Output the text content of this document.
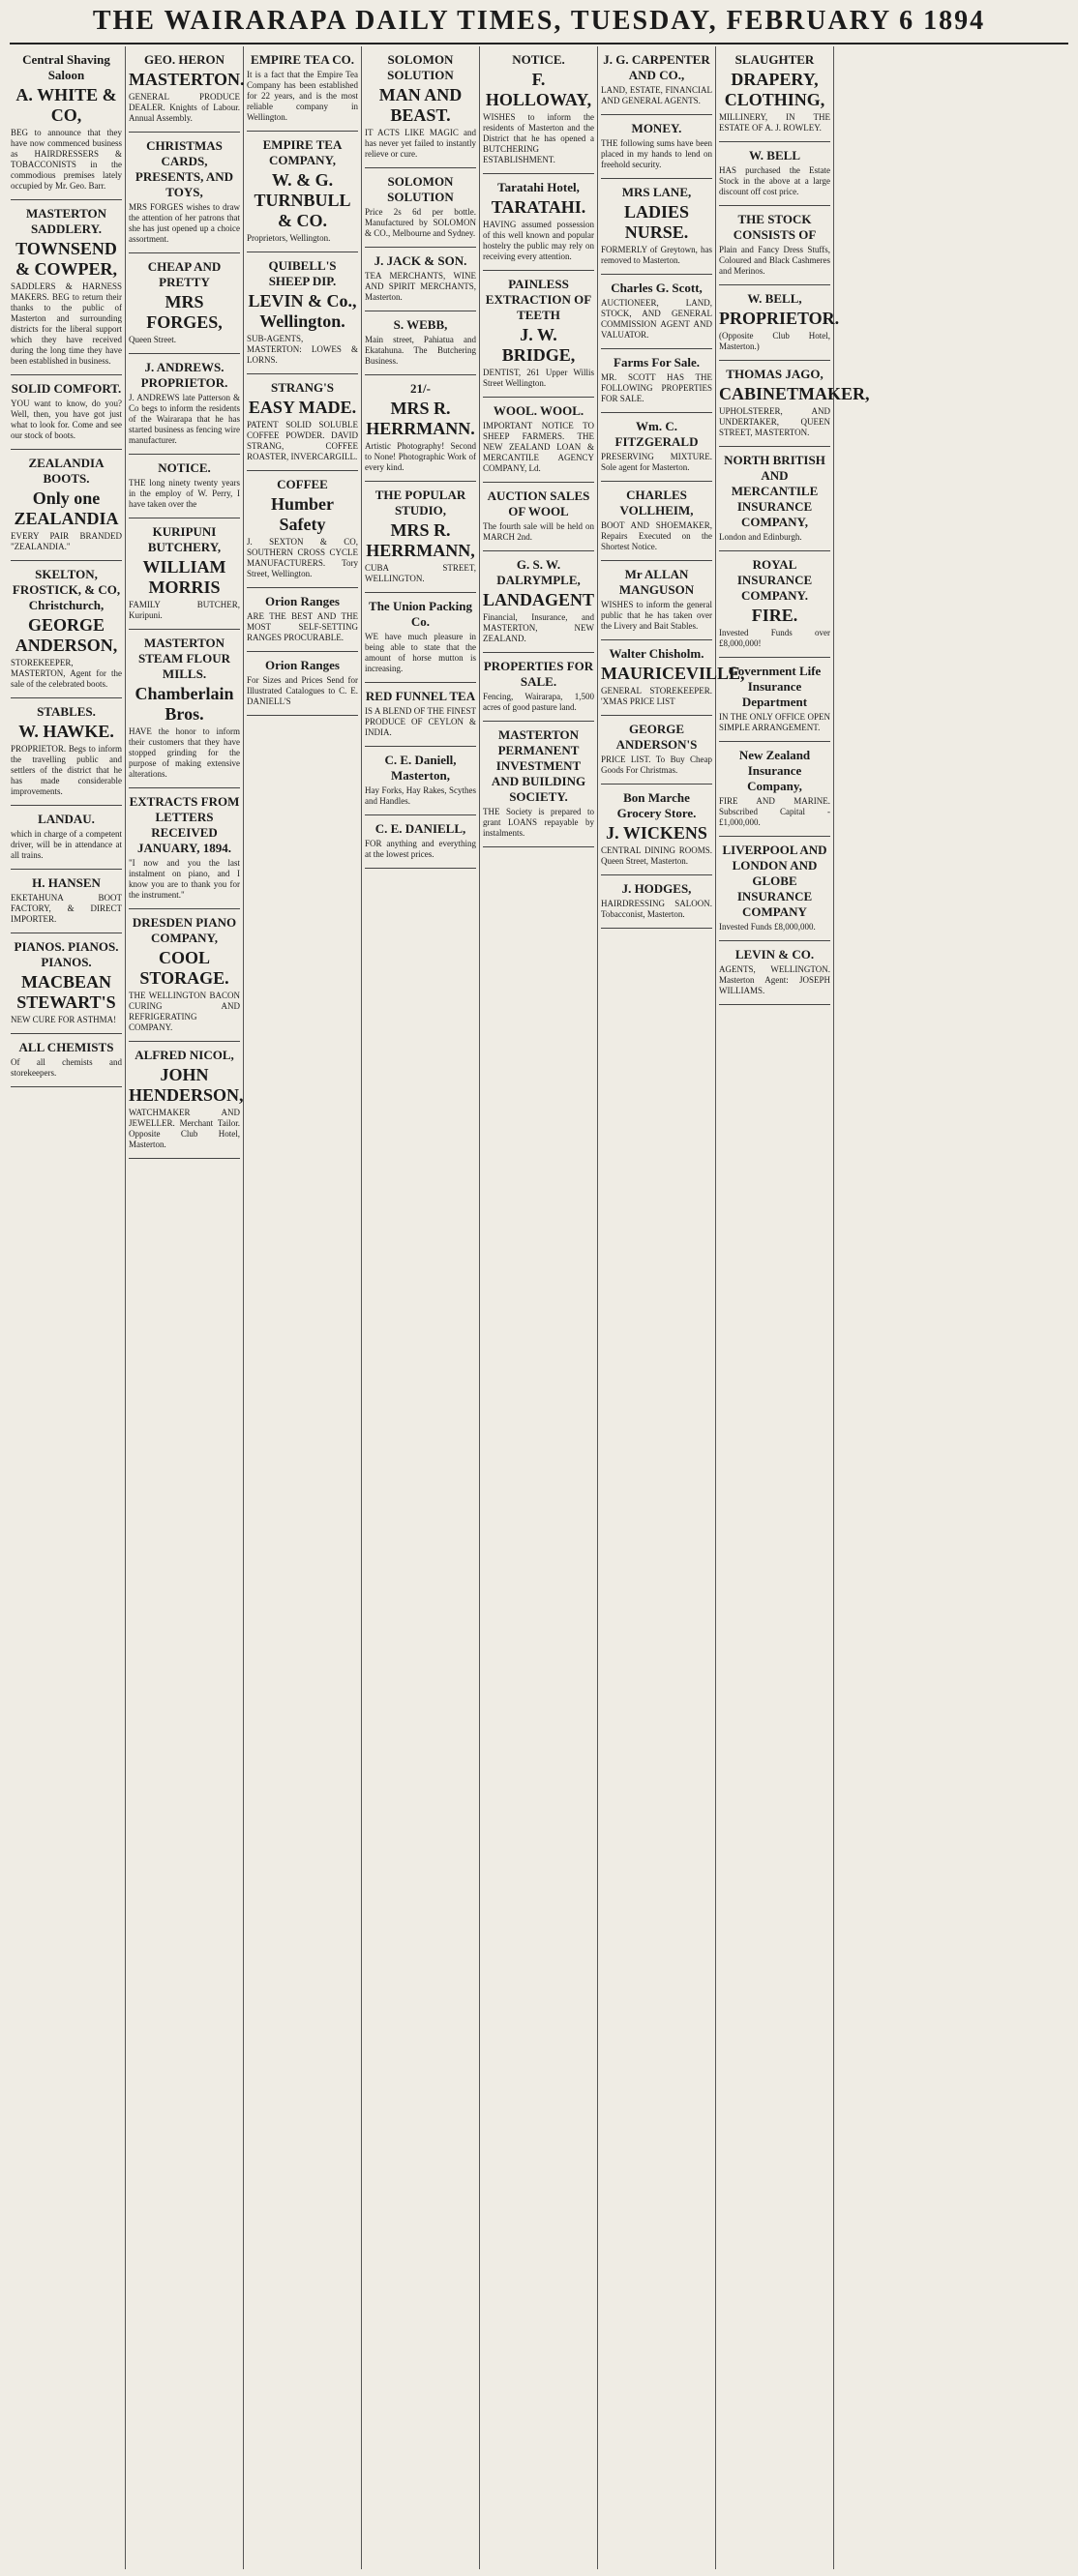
THE WAIRARAPA DAILY TIMES, TUESDAY, FEBRUARY 6 1894
Central Shaving Saloon
A. WHITE & CO,
BEG to announce that they have now commenced business as HAIRDRESSERS & TOBACCONISTS in the commodious premises lately occupied by Mr. Geo. Barr.
MASTERTON SADDLERY.
TOWNSEND & COWPER,
SADDLERS & HARNESS MAKERS. BEG to return their thanks to the public of Masterton and surrounding districts for the liberal support which they have received during the long time they have been established in business.
SOLID COMFORT.
YOU want to know, do you? Well, then, you have got just what to look for. Come and see our stock of boots.
ZEALANDIA BOOTS.
Only one ZEALANDIA
EVERY PAIR BRANDED "ZEALANDIA."
SKELTON, FROSTICK, & CO, Christchurch,
GEORGE ANDERSON,
STOREKEEPER, MASTERTON, Agent for the sale of the celebrated boots.
STABLES.
W. HAWKE.
PROPRIETOR. Begs to inform the travelling public and settlers of the district that he has made considerable improvements.
LANDAU.
which in charge of a competent driver, will be in attendance at all trains.
H. HANSEN
EKETAHUNA BOOT FACTORY, & DIRECT IMPORTER.
PIANOS. PIANOS. PIANOS.
MACBEAN STEWART'S
NEW CURE FOR ASTHMA!
ALL CHEMISTS
Of all chemists and storekeepers.
GEO. HERON
MASTERTON.
GENERAL PRODUCE DEALER. Knights of Labour. Annual Assembly.
CHRISTMAS CARDS, PRESENTS, AND TOYS,
MRS FORGES wishes to draw the attention of her patrons that she has just opened up a choice assortment.
CHEAP AND PRETTY
MRS FORGES,
Queen Street.
J. ANDREWS. PROPRIETOR.
J. ANDREWS late Patterson & Co begs to inform the residents of the Wairarapa that he has started business as fencing wire manufacturer.
NOTICE.
THE long ninety twenty years in the employ of W. Perry, I have taken over the
KURIPUNI BUTCHERY,
WILLIAM MORRIS
FAMILY BUTCHER, Kuripuni.
MASTERTON STEAM FLOUR MILLS.
Chamberlain Bros.
HAVE the honor to inform their customers that they have stopped grinding for the purpose of making extensive alterations.
EXTRACTS FROM LETTERS RECEIVED JANUARY, 1894.
"I now and you the last instalment on piano, and I know you are to thank you for the instrument."
DRESDEN PIANO COMPANY,
COOL STORAGE.
THE WELLINGTON BACON CURING AND REFRIGERATING COMPANY.
ALFRED NICOL,
JOHN HENDERSON,
WATCHMAKER AND JEWELLER. Merchant Tailor. Opposite Club Hotel, Masterton.
EMPIRE TEA CO.
It is a fact that the Empire Tea Company has been established for 22 years, and is the most reliable company in Wellington.
EMPIRE TEA COMPANY,
W. & G. TURNBULL & CO.
Proprietors, Wellington.
QUIBELL'S SHEEP DIP.
LEVIN & Co., Wellington.
SUB-AGENTS, MASTERTON: LOWES & LORNS.
STRANG'S
EASY MADE.
PATENT SOLID SOLUBLE COFFEE POWDER. DAVID STRANG, COFFEE ROASTER, INVERCARGILL.
COFFEE
Humber Safety
J. SEXTON & CO, SOUTHERN CROSS CYCLE MANUFACTURERS. Tory Street, Wellington.
Orion Ranges
ARE THE BEST AND THE MOST SELF-SETTING RANGES PROCURABLE.
Orion Ranges
For Sizes and Prices Send for Illustrated Catalogues to C. E. DANIELL'S
SOLOMON SOLUTION
MAN AND BEAST.
IT ACTS LIKE MAGIC and has never yet failed to instantly relieve or cure.
SOLOMON SOLUTION
Price 2s 6d per bottle. Manufactured by SOLOMON & CO., Melbourne and Sydney.
J. JACK & SON.
TEA MERCHANTS, WINE AND SPIRIT MERCHANTS, Masterton.
S. WEBB,
Main street, Pahiatua and Ekatahuna. The Butchering Business.
21/-
MRS R. HERRMANN.
Artistic Photography! Second to None! Photographic Work of every kind.
THE POPULAR STUDIO,
MRS R. HERRMANN,
CUBA STREET, WELLINGTON.
The Union Packing Co.
WE have much pleasure in being able to state that the amount of horse mutton is increasing.
RED FUNNEL TEA
IS A BLEND OF THE FINEST PRODUCE OF CEYLON & INDIA.
C. E. Daniell, Masterton,
Hay Forks, Hay Rakes, Scythes and Handles.
C. E. DANIELL,
FOR anything and everything at the lowest prices.
NOTICE.
F. HOLLOWAY,
WISHES to inform the residents of Masterton and the District that he has opened a BUTCHERING ESTABLISHMENT.
Taratahi Hotel,
TARATAHI.
HAVING assumed possession of this well known and popular hostelry the public may rely on receiving every attention.
PAINLESS EXTRACTION OF TEETH
J. W. BRIDGE,
DENTIST, 261 Upper Willis Street Wellington.
WOOL. WOOL.
IMPORTANT NOTICE TO SHEEP FARMERS. THE NEW ZEALAND LOAN & MERCANTILE AGENCY COMPANY, Ld.
AUCTION SALES OF WOOL
The fourth sale will be held on MARCH 2nd.
G. S. W. DALRYMPLE,
LANDAGENT
Financial, Insurance, and MASTERTON, NEW ZEALAND.
PROPERTIES FOR SALE.
Fencing, Wairarapa, 1,500 acres of good pasture land.
MASTERTON PERMANENT INVESTMENT AND BUILDING SOCIETY.
THE Society is prepared to grant LOANS repayable by instalments.
J. G. CARPENTER AND CO.,
LAND, ESTATE, FINANCIAL AND GENERAL AGENTS.
MONEY.
THE following sums have been placed in my hands to lend on freehold security.
MRS LANE,
LADIES NURSE.
FORMERLY of Greytown, has removed to Masterton.
Charles G. Scott,
AUCTIONEER, LAND, STOCK, AND GENERAL COMMISSION AGENT AND VALUATOR.
Farms For Sale.
MR. SCOTT HAS THE FOLLOWING PROPERTIES FOR SALE.
Wm. C. FITZGERALD
PRESERVING MIXTURE. Sole agent for Masterton.
CHARLES VOLLHEIM,
BOOT AND SHOEMAKER, Repairs Executed on the Shortest Notice.
Mr ALLAN MANGUSON
WISHES to inform the general public that he has taken over the Livery and Bait Stables.
Walter Chisholm.
MAURICEVILLE,
GENERAL STOREKEEPER. 'XMAS PRICE LIST
GEORGE ANDERSON'S
PRICE LIST. To Buy Cheap Goods For Christmas.
Bon Marche Grocery Store.
J. WICKENS
CENTRAL DINING ROOMS. Queen Street, Masterton.
J. HODGES,
HAIRDRESSING SALOON. Tobacconist, Masterton.
SLAUGHTER
DRAPERY, CLOTHING,
MILLINERY, IN THE ESTATE OF A. J. ROWLEY.
W. BELL
HAS purchased the Estate Stock in the above at a large discount off cost price.
THE STOCK CONSISTS OF
Plain and Fancy Dress Stuffs, Coloured and Black Cashmeres and Merinos.
W. BELL,
PROPRIETOR.
(Opposite Club Hotel, Masterton.)
THOMAS JAGO,
CABINETMAKER,
UPHOLSTERER, AND UNDERTAKER, QUEEN STREET, MASTERTON.
NORTH BRITISH AND MERCANTILE INSURANCE COMPANY,
London and Edinburgh.
ROYAL INSURANCE COMPANY.
FIRE.
Invested Funds over £8,000,000!
Government Life Insurance Department
IN THE ONLY OFFICE OPEN SIMPLE ARRANGEMENT.
New Zealand Insurance Company,
FIRE AND MARINE. Subscribed Capital - £1,000,000.
LIVERPOOL AND LONDON AND GLOBE INSURANCE COMPANY
Invested Funds £8,000,000.
LEVIN & CO.
AGENTS, WELLINGTON. Masterton Agent: JOSEPH WILLIAMS.
